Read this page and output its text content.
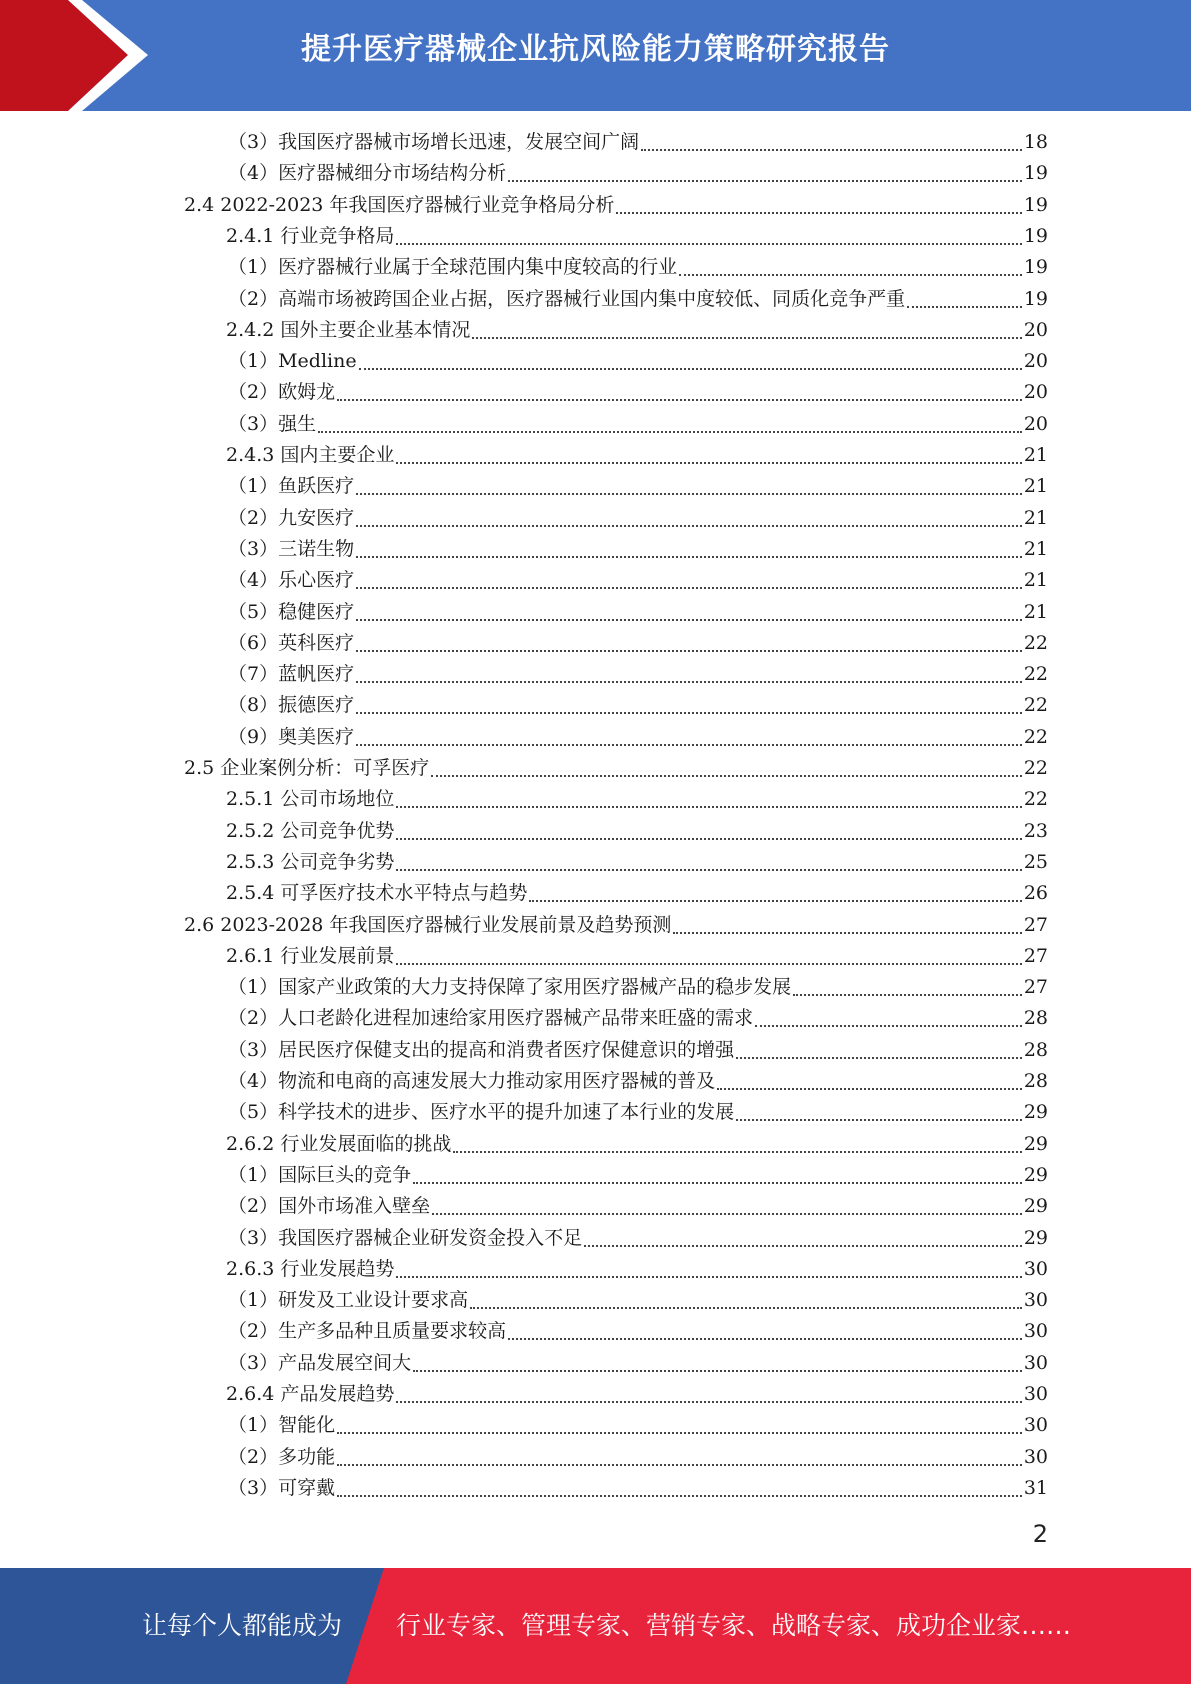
提升医疗器械企业抗风险能力策略研究报告
（3）我国医疗器械市场增长迅速，发展空间广阔	18
（4）医疗器械细分市场结构分析	19
2.4 2022-2023 年我国医疗器械行业竞争格局分析	19
2.4.1 行业竞争格局	19
（1）医疗器械行业属于全球范围内集中度较高的行业	19
（2）高端市场被跨国企业占据，医疗器械行业国内集中度较低、同质化竞争严重	19
2.4.2 国外主要企业基本情况	20
（1）Medline	20
（2）欧姆龙	20
（3）强生	20
2.4.3 国内主要企业	21
（1）鱼跃医疗	21
（2）九安医疗	21
（3）三诺生物	21
（4）乐心医疗	21
（5）稳健医疗	21
（6）英科医疗	22
（7）蓝帆医疗	22
（8）振德医疗	22
（9）奥美医疗	22
2.5 企业案例分析：可孚医疗	22
2.5.1 公司市场地位	22
2.5.2 公司竞争优势	23
2.5.3 公司竞争劣势	25
2.5.4 可孚医疗技术水平特点与趋势	26
2.6 2023-2028 年我国医疗器械行业发展前景及趋势预测	27
2.6.1 行业发展前景	27
（1）国家产业政策的大力支持保障了家用医疗器械产品的稳步发展	27
（2）人口老龄化进程加速给家用医疗器械产品带来旺盛的需求	28
（3）居民医疗保健支出的提高和消费者医疗保健意识的增强	28
（4）物流和电商的高速发展大力推动家用医疗器械的普及	28
（5）科学技术的进步、医疗水平的提升加速了本行业的发展	29
2.6.2 行业发展面临的挑战	29
（1）国际巨头的竞争	29
（2）国外市场准入壁垒	29
（3）我国医疗器械企业研发资金投入不足	29
2.6.3 行业发展趋势	30
（1）研发及工业设计要求高	30
（2）生产多品种且质量要求较高	30
（3）产品发展空间大	30
2.6.4 产品发展趋势	30
（1）智能化	30
（2）多功能	30
（3）可穿戴	31
2
让每个人都能成为 行业专家、管理专家、营销专家、战略专家、成功企业家……
